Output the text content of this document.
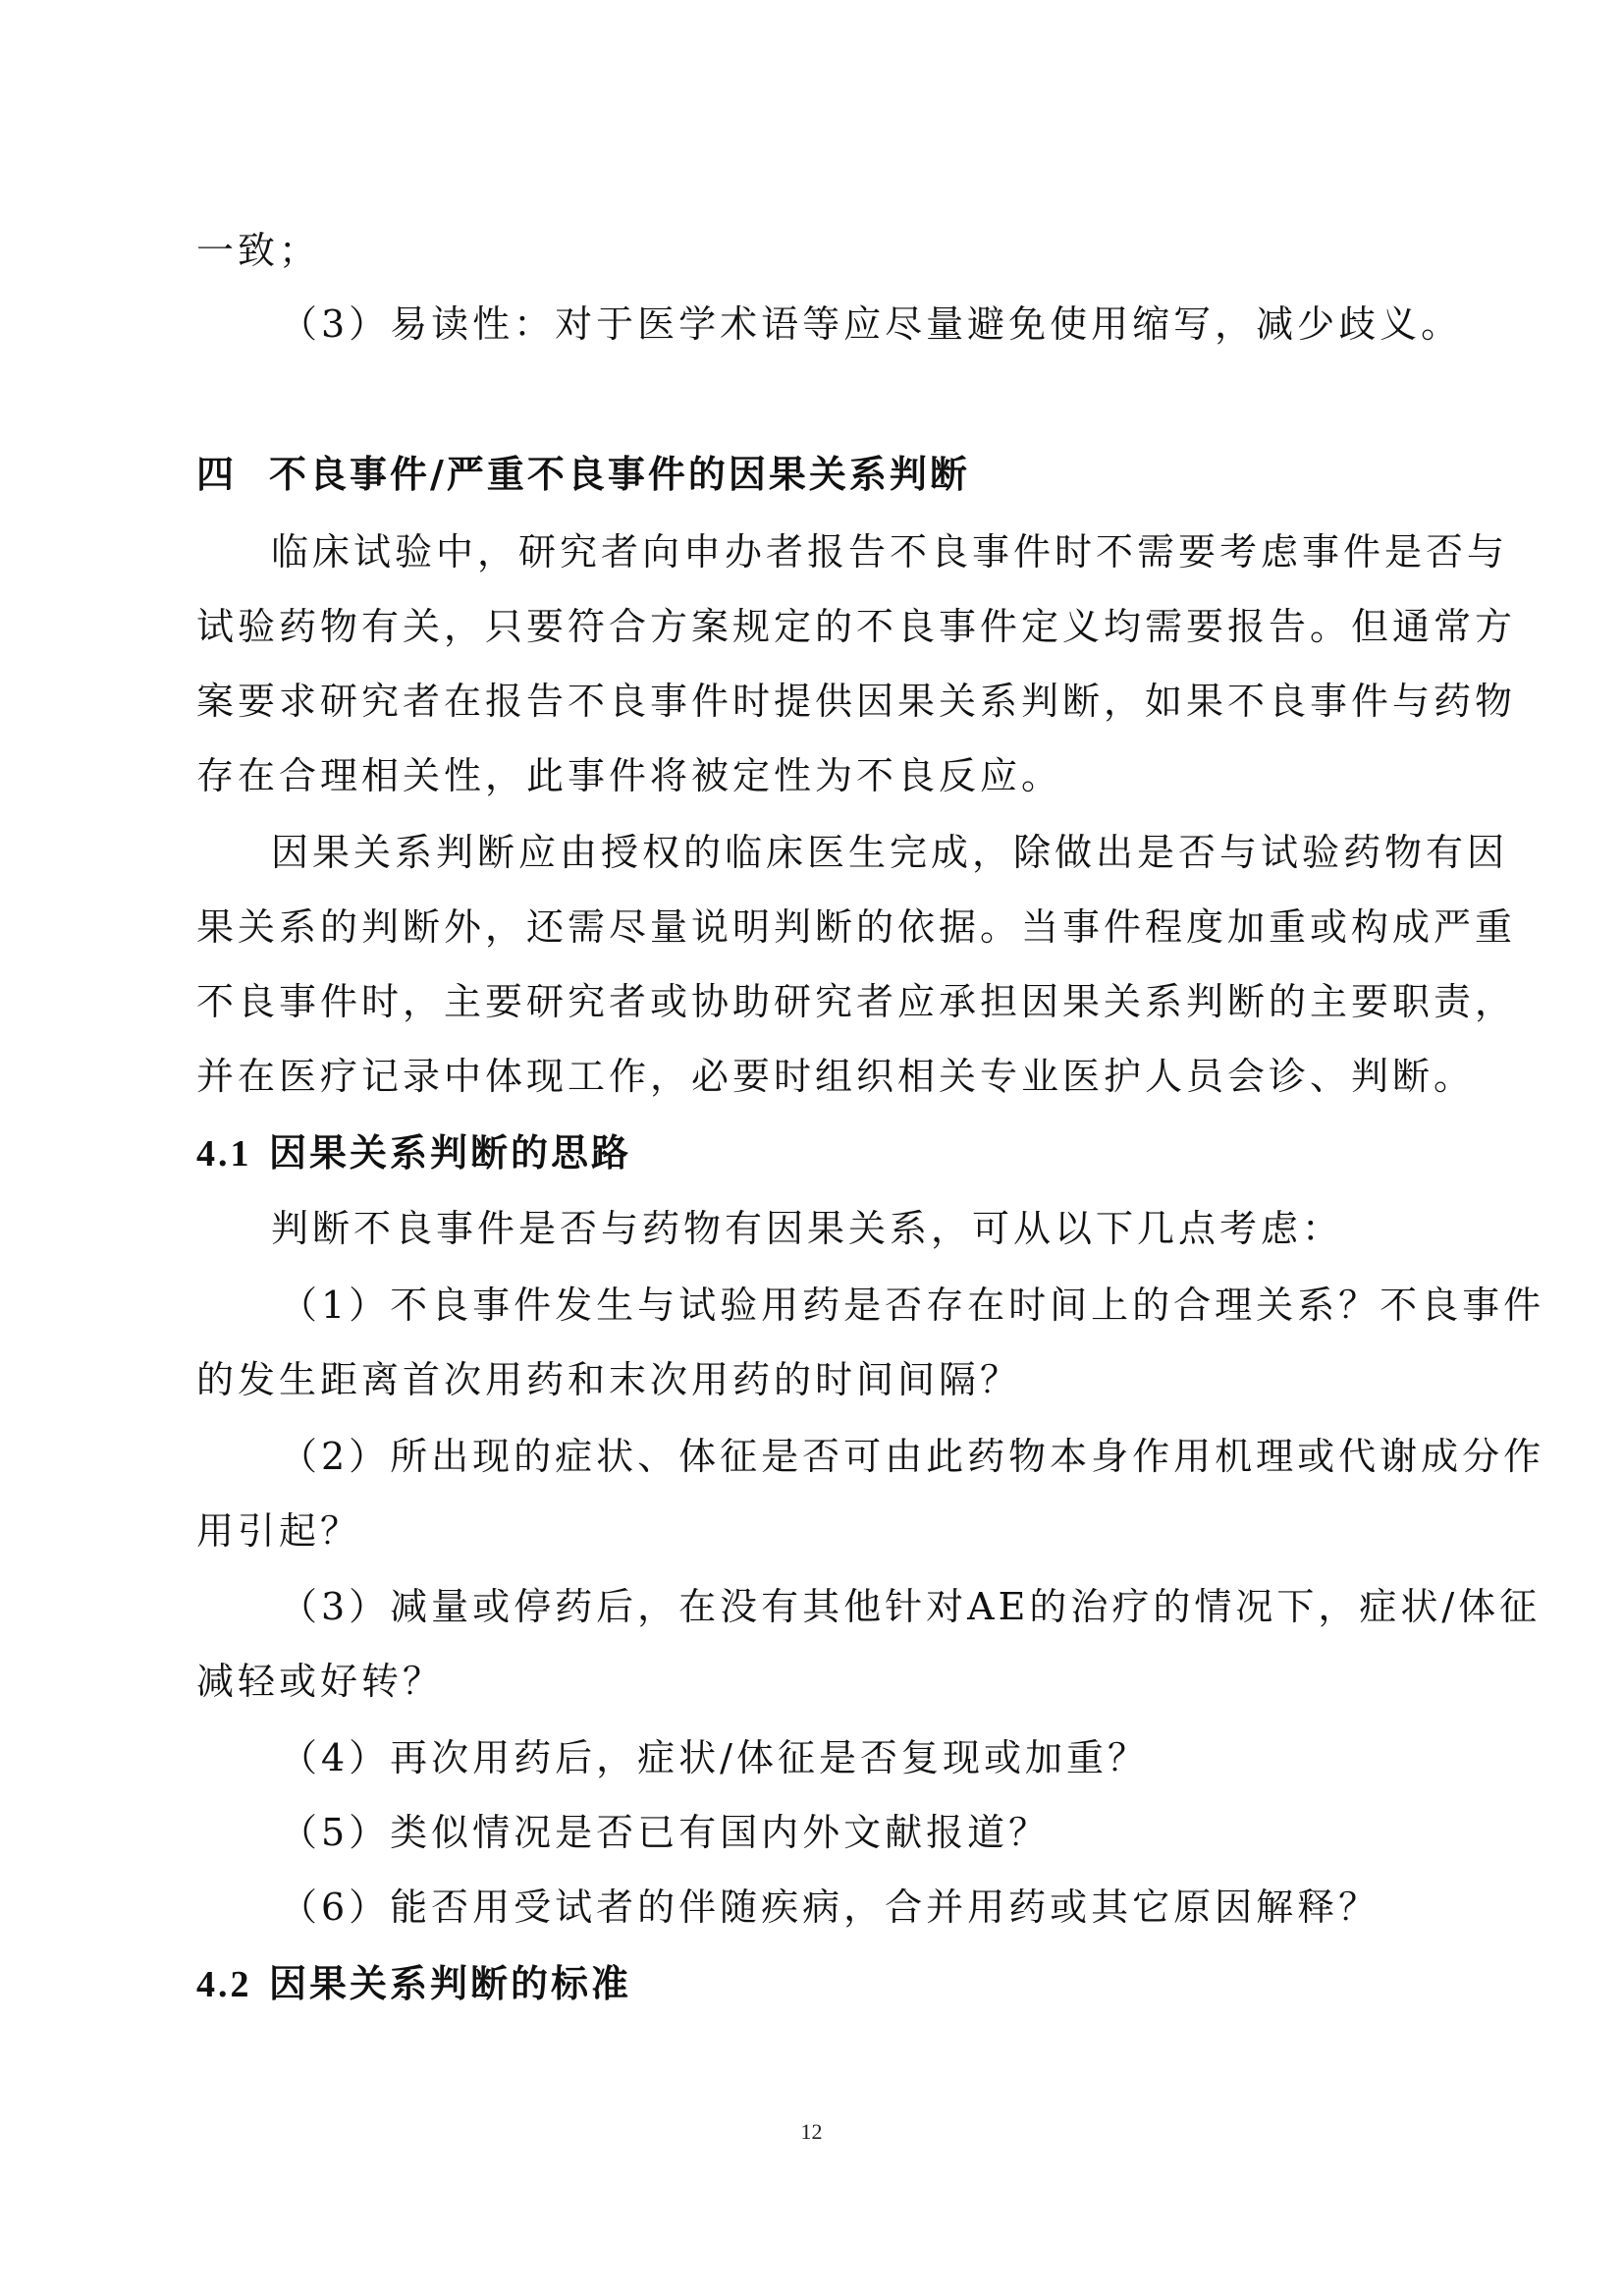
一致；
（3）易读性：对于医学术语等应尽量避免使用缩写，减少歧义。
四 不良事件/严重不良事件的因果关系判断
临床试验中，研究者向申办者报告不良事件时不需要考虑事件是否与
试验药物有关，只要符合方案规定的不良事件定义均需要报告。但通常方
案要求研究者在报告不良事件时提供因果关系判断，如果不良事件与药物
存在合理相关性，此事件将被定性为不良反应。
因果关系判断应由授权的临床医生完成，除做出是否与试验药物有因
果关系的判断外，还需尽量说明判断的依据。当事件程度加重或构成严重
不良事件时，主要研究者或协助研究者应承担因果关系判断的主要职责，
并在医疗记录中体现工作，必要时组织相关专业医护人员会诊、判断。
4.1 因果关系判断的思路
判断不良事件是否与药物有因果关系，可从以下几点考虑：
（1）不良事件发生与试验用药是否存在时间上的合理关系？不良事件
的发生距离首次用药和末次用药的时间间隔？
（2）所出现的症状、体征是否可由此药物本身作用机理或代谢成分作
用引起？
（3）减量或停药后，在没有其他针对AE的治疗的情况下，症状/体征
减轻或好转？
（4）再次用药后，症状/体征是否复现或加重？
（5）类似情况是否已有国内外文献报道？
（6）能否用受试者的伴随疾病，合并用药或其它原因解释？
4.2 因果关系判断的标准
12
